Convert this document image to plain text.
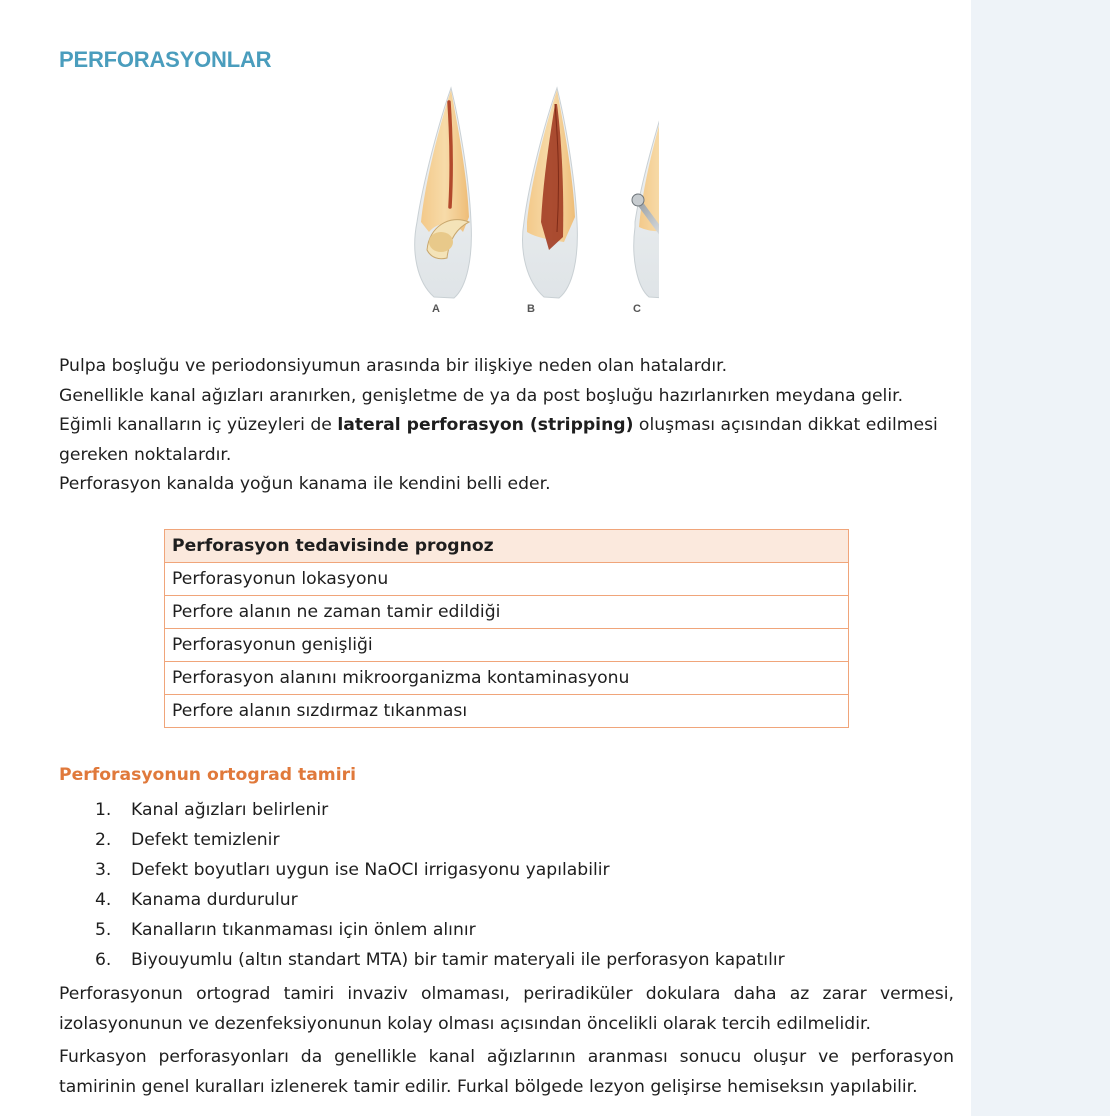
PERFORASYONLAR
A	B	C

Pulpa boşluğu ve periodonsiyumun arasında bir ilişkiye neden olan hatalardır.

Genellikle kanal ağızları aranırken, genişletme de ya da post boşluğu hazırlanırken meydana gelir.

Eğimli kanalların iç yüzeyleri de lateral perforasyon (stripping) oluşması açısından dikkat edilmesi gereken noktalardır.

Perforasyon kanalda yoğun kanama ile kendini belli eder.

Perforasyon tedavisinde prognoz
Perforasyonun lokasyonu
Perfore alanın ne zaman tamir edildiği
Perforasyonun genişliği
Perforasyon alanını mikroorganizma kontaminasyonu
Perfore alanın sızdırmaz tıkanması
Perforasyonun ortograd tamiri
1. Kanal ağızları belirlenir
2. Defekt temizlenir
3. Defekt boyutları uygun ise NaOCI irrigasyonu yapılabilir
4. Kanama durdurulur
5. Kanalların tıkanmaması için önlem alınır
6. Biyouyumlu (altın standart MTA) bir tamir materyali ile perforasyon kapatılır

Perforasyonun ortograd tamiri invaziv olmaması, periradiküler dokulara daha az zarar vermesi, izolasyonunun ve dezenfeksiyonunun kolay olması açısından öncelikli olarak tercih edilmelidir.

Furkasyon perforasyonları da genellikle kanal ağızlarının aranması sonucu oluşur ve perforasyon tamirinin genel kuralları izlenerek tamir edilir. Furkal bölgede lezyon gelişirse hemiseksın yapılabilir.
